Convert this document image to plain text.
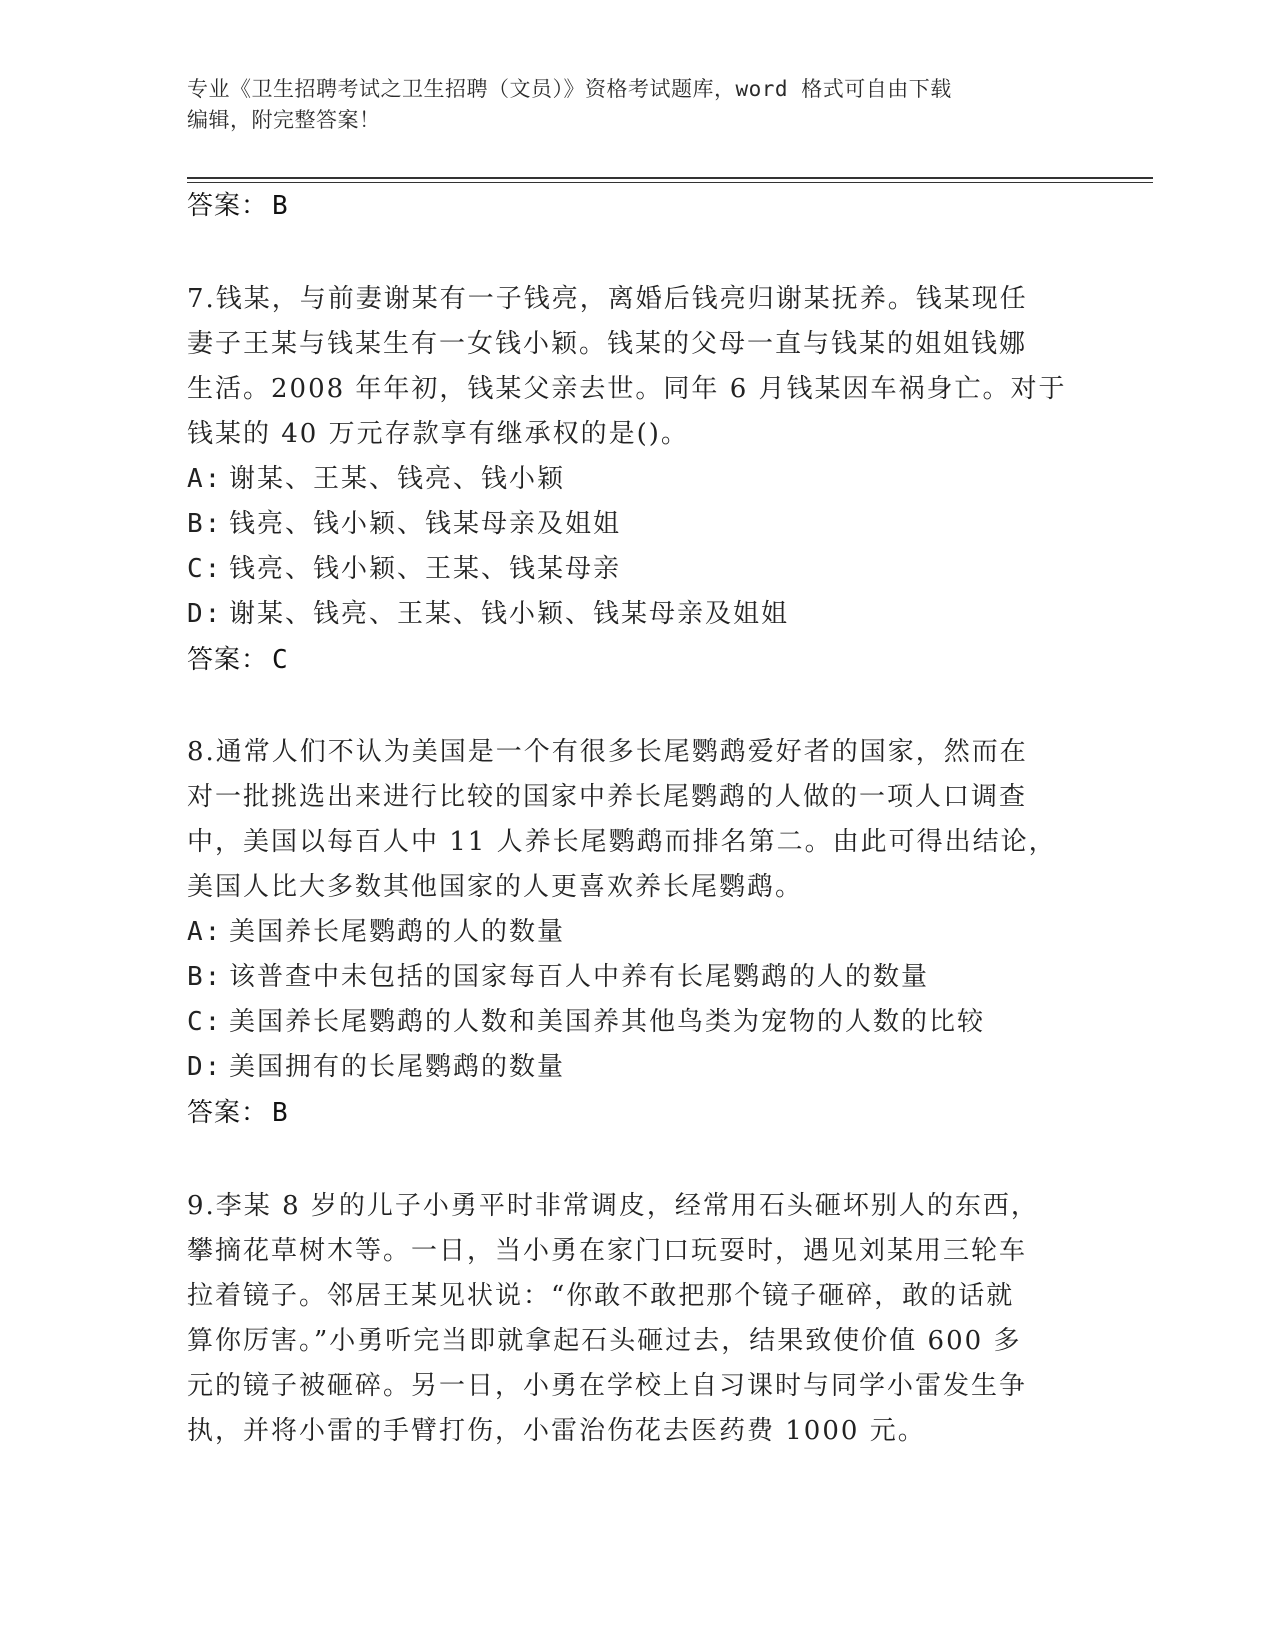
专业《卫生招聘考试之卫生招聘（文员）》资格考试题库，word 格式可自由下载
编辑，附完整答案！
答案： B
7.钱某，与前妻谢某有一子钱亮，离婚后钱亮归谢某抚养。钱某现任
妻子王某与钱某生有一女钱小颖。钱某的父母一直与钱某的姐姐钱娜
生活。2008 年年初，钱某父亲去世。同年 6 月钱某因车祸身亡。对于
钱某的 40 万元存款享有继承权的是()。
A: 谢某、王某、钱亮、钱小颖
B: 钱亮、钱小颖、钱某母亲及姐姐
C: 钱亮、钱小颖、王某、钱某母亲
D: 谢某、钱亮、王某、钱小颖、钱某母亲及姐姐
答案： C
8.通常人们不认为美国是一个有很多长尾鹦鹉爱好者的国家，然而在
对一批挑选出来进行比较的国家中养长尾鹦鹉的人做的一项人口调查
中，美国以每百人中 11 人养长尾鹦鹉而排名第二。由此可得出结论，
美国人比大多数其他国家的人更喜欢养长尾鹦鹉。
A: 美国养长尾鹦鹉的人的数量
B: 该普查中未包括的国家每百人中养有长尾鹦鹉的人的数量
C: 美国养长尾鹦鹉的人数和美国养其他鸟类为宠物的人数的比较
D: 美国拥有的长尾鹦鹉的数量
答案： B
9.李某 8 岁的儿子小勇平时非常调皮，经常用石头砸坏别人的东西，
攀摘花草树木等。一日，当小勇在家门口玩耍时，遇见刘某用三轮车
拉着镜子。邻居王某见状说：“你敢不敢把那个镜子砸碎，敢的话就
算你厉害。”小勇听完当即就拿起石头砸过去，结果致使价值 600 多
元的镜子被砸碎。另一日，小勇在学校上自习课时与同学小雷发生争
执，并将小雷的手臂打伤，小雷治伤花去医药费 1000 元。
